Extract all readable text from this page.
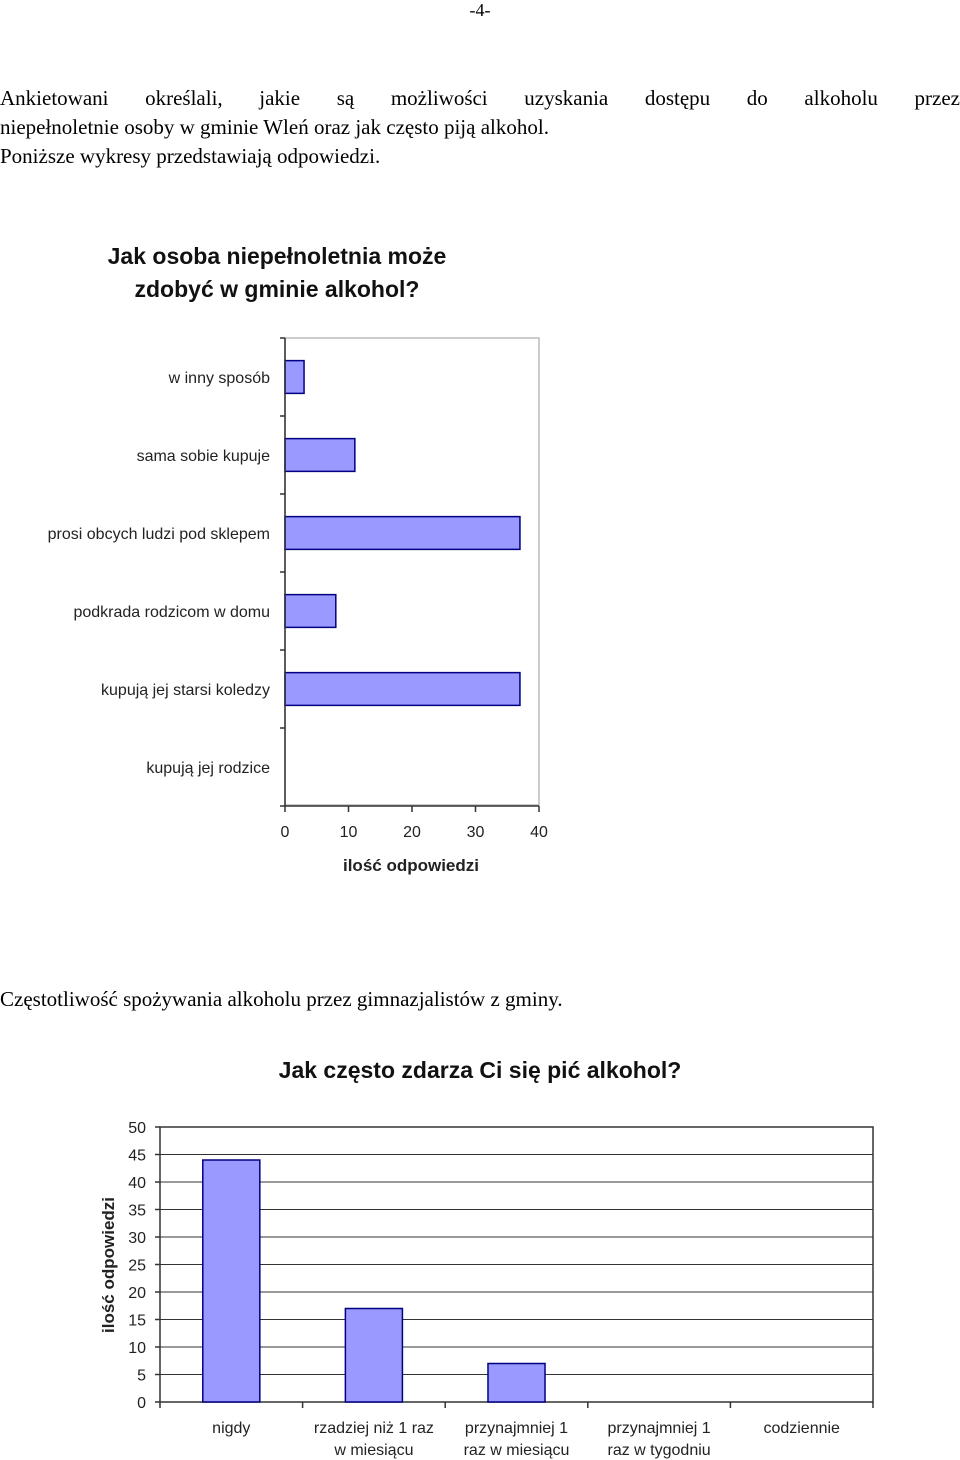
-4-
Ankietowani określali, jakie są możliwości uzyskania dostępu do alkoholu przez
niepełnoletnie osoby w gminie Wleń oraz jak często piją alkohol.
Poniższe wykresy przedstawiają odpowiedzi.
Jak osoba niepełnoletnia może
zdobyć w gminie alkohol?
w inny sposób
sama sobie kupuje
prosi obcych ludzi pod sklepem
podkrada rodzicom w domu
kupują jej starsi koledzy
kupują jej rodzice
0	10	20	30	40
ilość odpowiedzi
Częstotliwość spożywania alkoholu przez gimnazjalistów z gminy.
Jak często zdarza Ci się pić alkohol?
0
5
10
15
20
25
30
35
40
45
50
nigdy	rzadziej niż 1 raz
w miesiącu
przynajmniej 1
raz w miesiącu
przynajmniej 1
raz w tygodniu
codziennie
ilość odpowiedzi
